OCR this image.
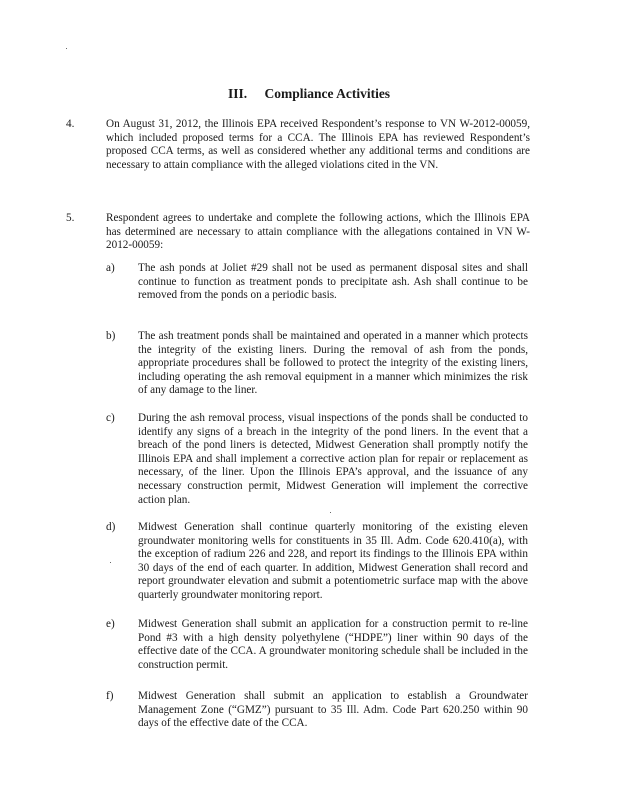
III. Compliance Activities
4.	On August 31, 2012, the Illinois EPA received Respondent’s response to VN W-2012-00059, which included proposed terms for a CCA. The Illinois EPA has reviewed Respondent’s proposed CCA terms, as well as considered whether any additional terms and conditions are necessary to attain compliance with the alleged violations cited in the VN.
5.	Respondent agrees to undertake and complete the following actions, which the Illinois EPA has determined are necessary to attain compliance with the allegations contained in VN W-2012-00059:
a) The ash ponds at Joliet #29 shall not be used as permanent disposal sites and shall continue to function as treatment ponds to precipitate ash. Ash shall continue to be removed from the ponds on a periodic basis.
b) The ash treatment ponds shall be maintained and operated in a manner which protects the integrity of the existing liners. During the removal of ash from the ponds, appropriate procedures shall be followed to protect the integrity of the existing liners, including operating the ash removal equipment in a manner which minimizes the risk of any damage to the liner.
c) During the ash removal process, visual inspections of the ponds shall be conducted to identify any signs of a breach in the integrity of the pond liners. In the event that a breach of the pond liners is detected, Midwest Generation shall promptly notify the Illinois EPA and shall implement a corrective action plan for repair or replacement as necessary, of the liner. Upon the Illinois EPA’s approval, and the issuance of any necessary construction permit, Midwest Generation will implement the corrective action plan.
d) Midwest Generation shall continue quarterly monitoring of the existing eleven groundwater monitoring wells for constituents in 35 Ill. Adm. Code 620.410(a), with the exception of radium 226 and 228, and report its findings to the Illinois EPA within 30 days of the end of each quarter. In addition, Midwest Generation shall record and report groundwater elevation and submit a potentiometric surface map with the above quarterly groundwater monitoring report.
e) Midwest Generation shall submit an application for a construction permit to re-line Pond #3 with a high density polyethylene (“HDPE”) liner within 90 days of the effective date of the CCA. A groundwater monitoring schedule shall be included in the construction permit.
f) Midwest Generation shall submit an application to establish a Groundwater Management Zone (“GMZ”) pursuant to 35 Ill. Adm. Code Part 620.250 within 90 days of the effective date of the CCA.
